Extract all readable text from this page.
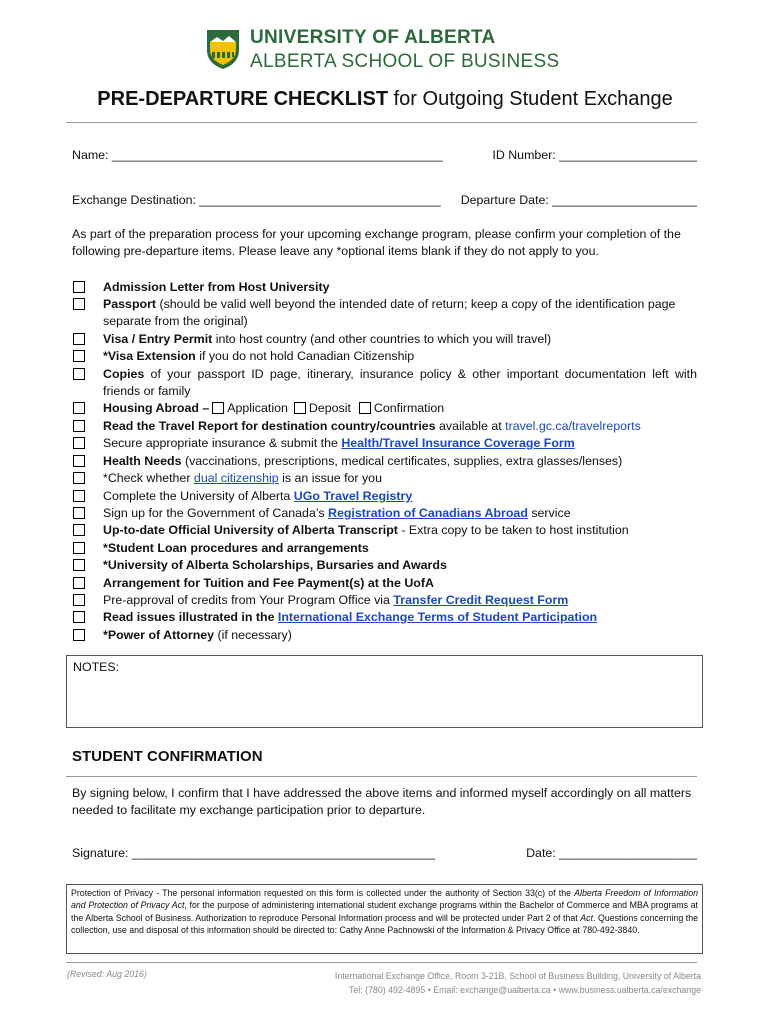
UNIVERSITY OF ALBERTA
ALBERTA SCHOOL OF BUSINESS
PRE-DEPARTURE CHECKLIST for Outgoing Student Exchange
Name: ________________________________________________	ID Number: ____________________
Exchange Destination: ___________________________________ Departure Date: _____________________
As part of the preparation process for your upcoming exchange program, please confirm your completion of the following pre-departure items. Please leave any *optional items blank if they do not apply to you.
Admission Letter from Host University
Passport (should be valid well beyond the intended date of return; keep a copy of the identification page separate from the original)
Visa / Entry Permit into host country (and other countries to which you will travel)
*Visa Extension if you do not hold Canadian Citizenship
Copies of your passport ID page, itinerary, insurance policy & other important documentation left with friends or family
Housing Abroad – Application Deposit Confirmation
Read the Travel Report for destination country/countries available at travel.gc.ca/travelreports
Secure appropriate insurance & submit the Health/Travel Insurance Coverage Form
Health Needs (vaccinations, prescriptions, medical certificates, supplies, extra glasses/lenses)
*Check whether dual citizenship is an issue for you
Complete the University of Alberta UGo Travel Registry
Sign up for the Government of Canada’s Registration of Canadians Abroad service
Up-to-date Official University of Alberta Transcript - Extra copy to be taken to host institution
*Student Loan procedures and arrangements
*University of Alberta Scholarships, Bursaries and Awards
Arrangement for Tuition and Fee Payment(s) at the UofA
Pre-approval of credits from Your Program Office via Transfer Credit Request Form
Read issues illustrated in the International Exchange Terms of Student Participation
*Power of Attorney (if necessary)
NOTES:
STUDENT CONFIRMATION
By signing below, I confirm that I have addressed the above items and informed myself accordingly on all matters needed to facilitate my exchange participation prior to departure.
Signature: ____________________________________________	Date: ____________________
Protection of Privacy - The personal information requested on this form is collected under the authority of Section 33(c) of the Alberta Freedom of Information and Protection of Privacy Act, for the purpose of administering international student exchange programs within the Bachelor of Commerce and MBA programs at the Alberta School of Business. Authorization to reproduce Personal Information process and will be protected under Part 2 of that Act. Questions concerning the collection, use and disposal of this information should be directed to: Cathy Anne Pachnowski of the Information & Privacy Office at 780-492-3840.
(Revised: Aug 2016)	International Exchange Office, Room 3-21B, School of Business Building, University of Alberta
Tel: (780) 492-4895 • Email: exchange@ualberta.ca • www.business.ualberta.ca/exchange
